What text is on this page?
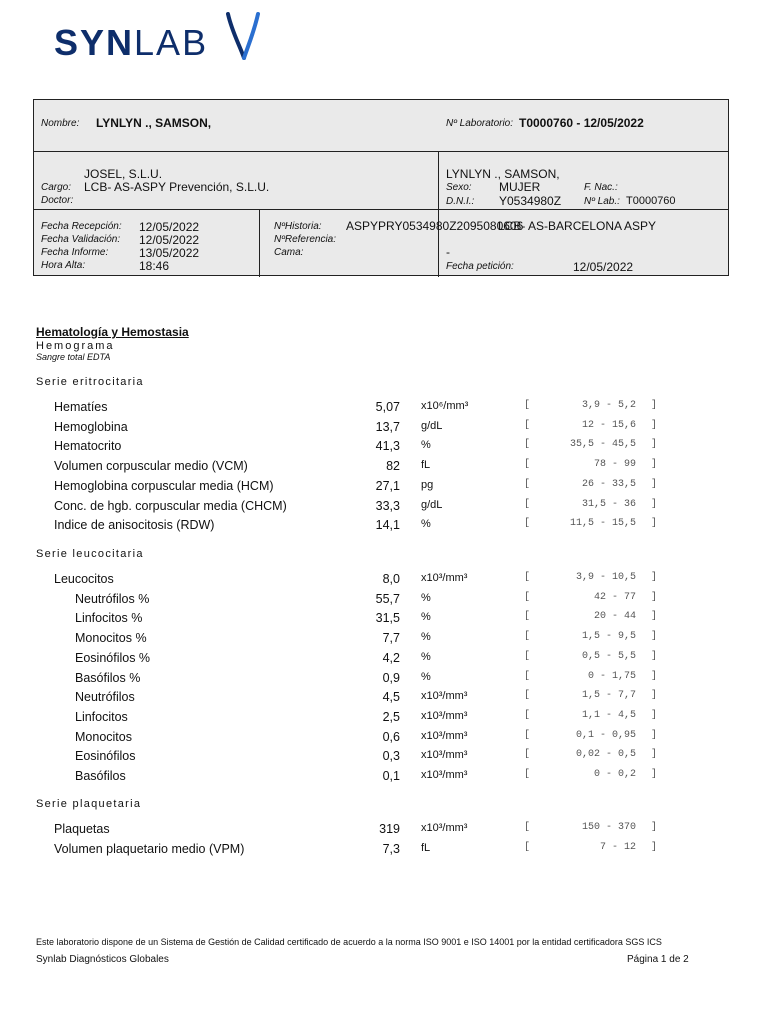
SYNLAB
Nombre: LYNLYN ., SAMSON,	Nº Laboratorio: T0000760 - 12/05/2022
JOSEL, S.L.U.
Cargo: LCB- AS-ASPY Prevención, S.L.U.
Doctor:
LYNLYN ., SAMSON,
Sexo: MUJER	F. Nac.:
D.N.I.: Y0534980Z Nº Lab.: T0000760
Fecha Recepción: 12/05/2022
Fecha Validación: 12/05/2022
Fecha Informe:	13/05/2022
Hora Alta:	18:46
NºHistoria: ASPYPRY0534980Z2095080606
NºReferencia:
Cama:
LCB- AS-BARCELONA ASPY
-
Fecha petición:	12/05/2022
Hematología y Hemostasia
Hemograma
Sangre total EDTA
Serie eritrocitaria
Hematíes	5,07 x10⁶/mm³	[	3,9 - 5,2 ]
Hemoglobina	13,7 g/dL	[	12 - 15,6 ]
Hematocrito	41,3 %	[	35,5 - 45,5 ]
Volumen corpuscular medio (VCM)	82 fL	[	78 - 99 ]
Hemoglobina corpuscular media (HCM)	27,1 pg	[	26 - 33,5 ]
Conc. de hgb. corpuscular media (CHCM)	33,3 g/dL	[	31,5 - 36 ]
Indice de anisocitosis (RDW)	14,1 %	[	11,5 - 15,5 ]
Serie leucocitaria
Leucocitos	8,0 x10³/mm³	[	3,9 - 10,5 ]
Neutrófilos %	55,7 %	[	42 - 77 ]
Linfocitos %	31,5 %	[	20 - 44 ]
Monocitos %	7,7 %	[	1,5 - 9,5 ]
Eosinófilos %	4,2 %	[	0,5 - 5,5 ]
Basófilos %	0,9 %	[	0 - 1,75 ]
Neutrófilos	4,5 x10³/mm³	[	1,5 - 7,7 ]
Linfocitos	2,5 x10³/mm³	[	1,1 - 4,5 ]
Monocitos	0,6 x10³/mm³	[	0,1 - 0,95 ]
Eosinófilos	0,3 x10³/mm³	[	0,02 - 0,5 ]
Basófilos	0,1 x10³/mm³	[	0 - 0,2 ]
Serie plaquetaria
Plaquetas	319 x10³/mm³	[	150 - 370 ]
Volumen plaquetario medio (VPM)	7,3 fL	[	7 - 12 ]
Este laboratorio dispone de un Sistema de Gestión de Calidad certificado de acuerdo a la norma ISO 9001 e ISO 14001 por la entidad certificadora SGS ICS
Synlab Diagnósticos Globales	Página 1 de 2
